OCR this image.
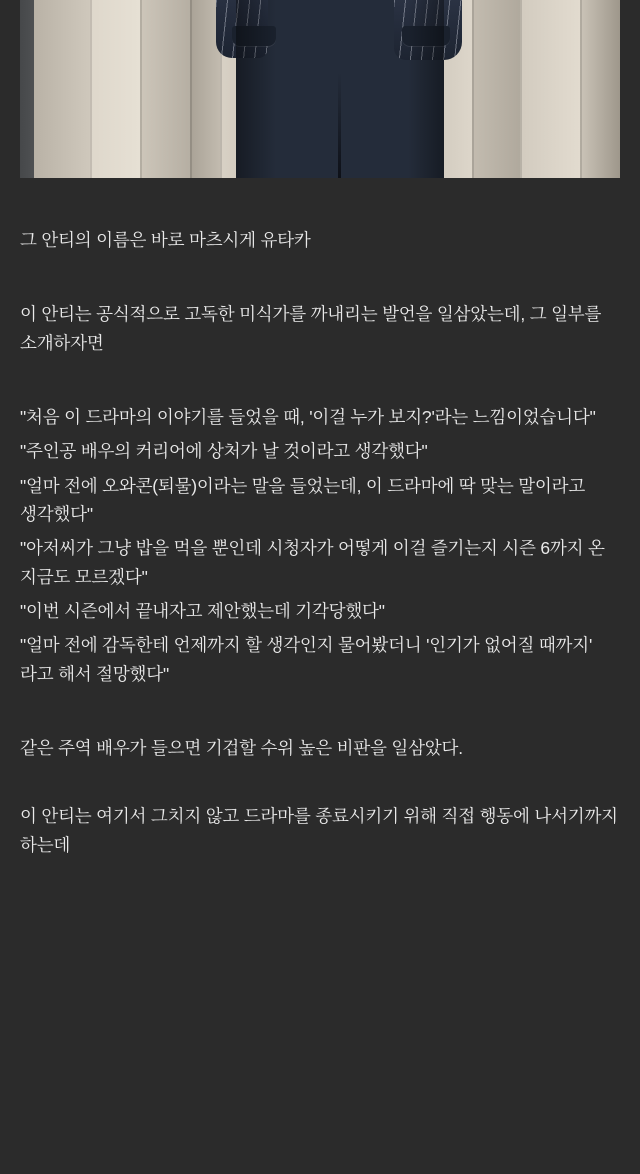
그 안티의 이름은 바로 마츠시게 유타카

이 안티는 공식적으로 고독한 미식가를 까내리는 발언을 일삼았는데, 그 일부를 소개하자면

"처음 이 드라마의 이야기를 들었을 때, '이걸 누가 보지?'라는 느낌이었습니다"

"주인공 배우의 커리어에 상처가 날 것이라고 생각했다"

"얼마 전에 오와콘(퇴물)이라는 말을 들었는데, 이 드라마에 딱 맞는 말이라고 생각했다"

"아저씨가 그냥 밥을 먹을 뿐인데 시청자가 어떻게 이걸 즐기는지 시즌 6까지 온 지금도 모르겠다"

"이번 시즌에서 끝내자고 제안했는데 기각당했다"

"얼마 전에 감독한테 언제까지 할 생각인지 물어봤더니 '인기가 없어질 때까지' 라고 해서 절망했다"

같은 주역 배우가 들으면 기겁할 수위 높은 비판을 일삼았다.

이 안티는 여기서 그치지 않고 드라마를 종료시키기 위해 직접 행동에 나서기까지 하는데
